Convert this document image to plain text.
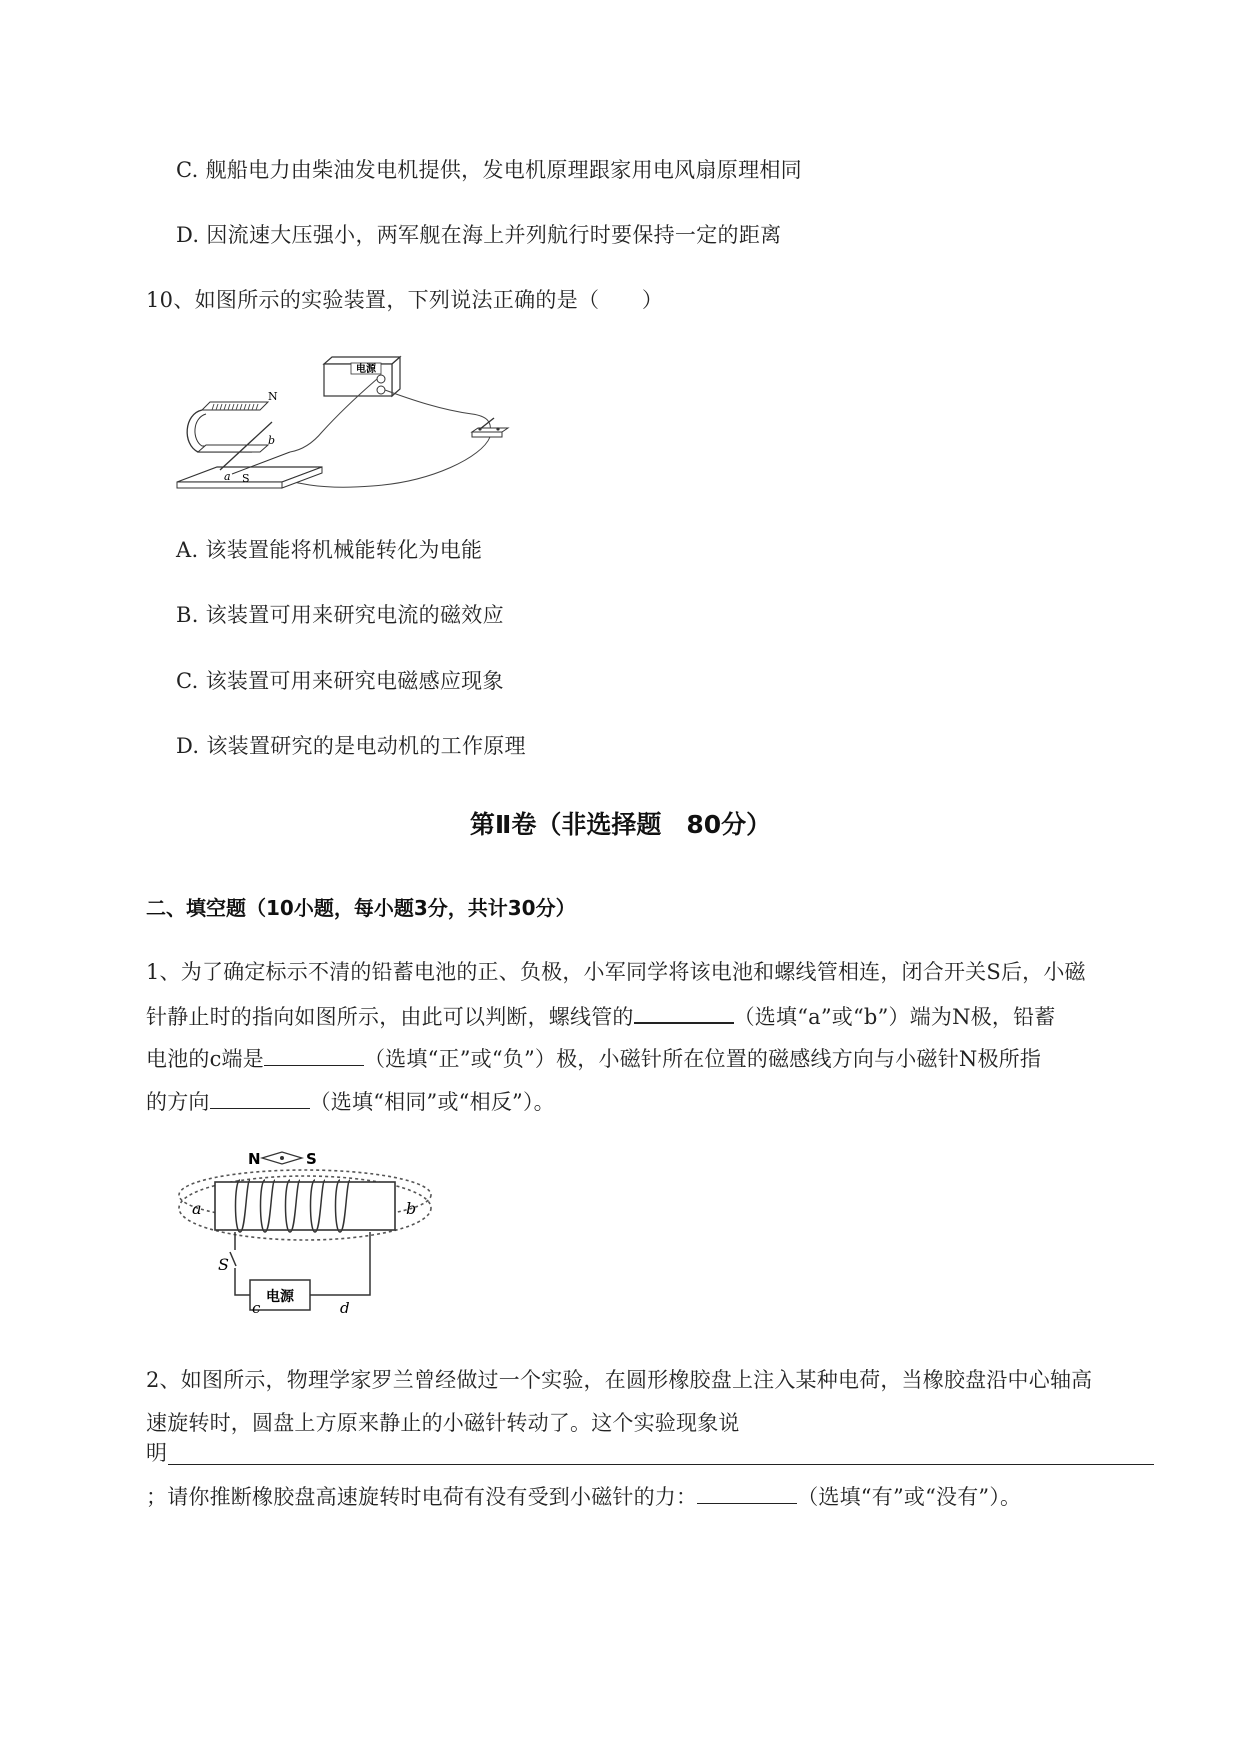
C. 舰船电力由柴油发电机提供，发电机原理跟家用电风扇原理相同
D. 因流速大压强小，两军舰在海上并列航行时要保持一定的距离
10、如图所示的实验装置，下列说法正确的是（　　）
电源
N
S
b
a
A. 该装置能将机械能转化为电能
B. 该装置可用来研究电流的磁效应
C. 该装置可用来研究电磁感应现象
D. 该装置研究的是电动机的工作原理
第Ⅱ卷（非选择题　80分）
二、填空题（10小题，每小题3分，共计30分）
1、为了确定标示不清的铅蓄电池的正、负极，小军同学将该电池和螺线管相连，闭合开关S后，小磁
针静止时的指向如图所示，由此可以判断，螺线管的	（选填“a”或“b”）端为N极，铅蓄
电池的c端是	（选填“正”或“负”）极，小磁针所在位置的磁感线方向与小磁针N极所指
的方向	（选填“相同”或“相反”）。
N	S
a	b
S
电源
c	d
2、如图所示，物理学家罗兰曾经做过一个实验，在圆形橡胶盘上注入某种电荷，当橡胶盘沿中心轴高
速旋转时，圆盘上方原来静止的小磁针转动了。这个实验现象说
明
；请你推断橡胶盘高速旋转时电荷有没有受到小磁针的力：	（选填“有”或“没有”）。
